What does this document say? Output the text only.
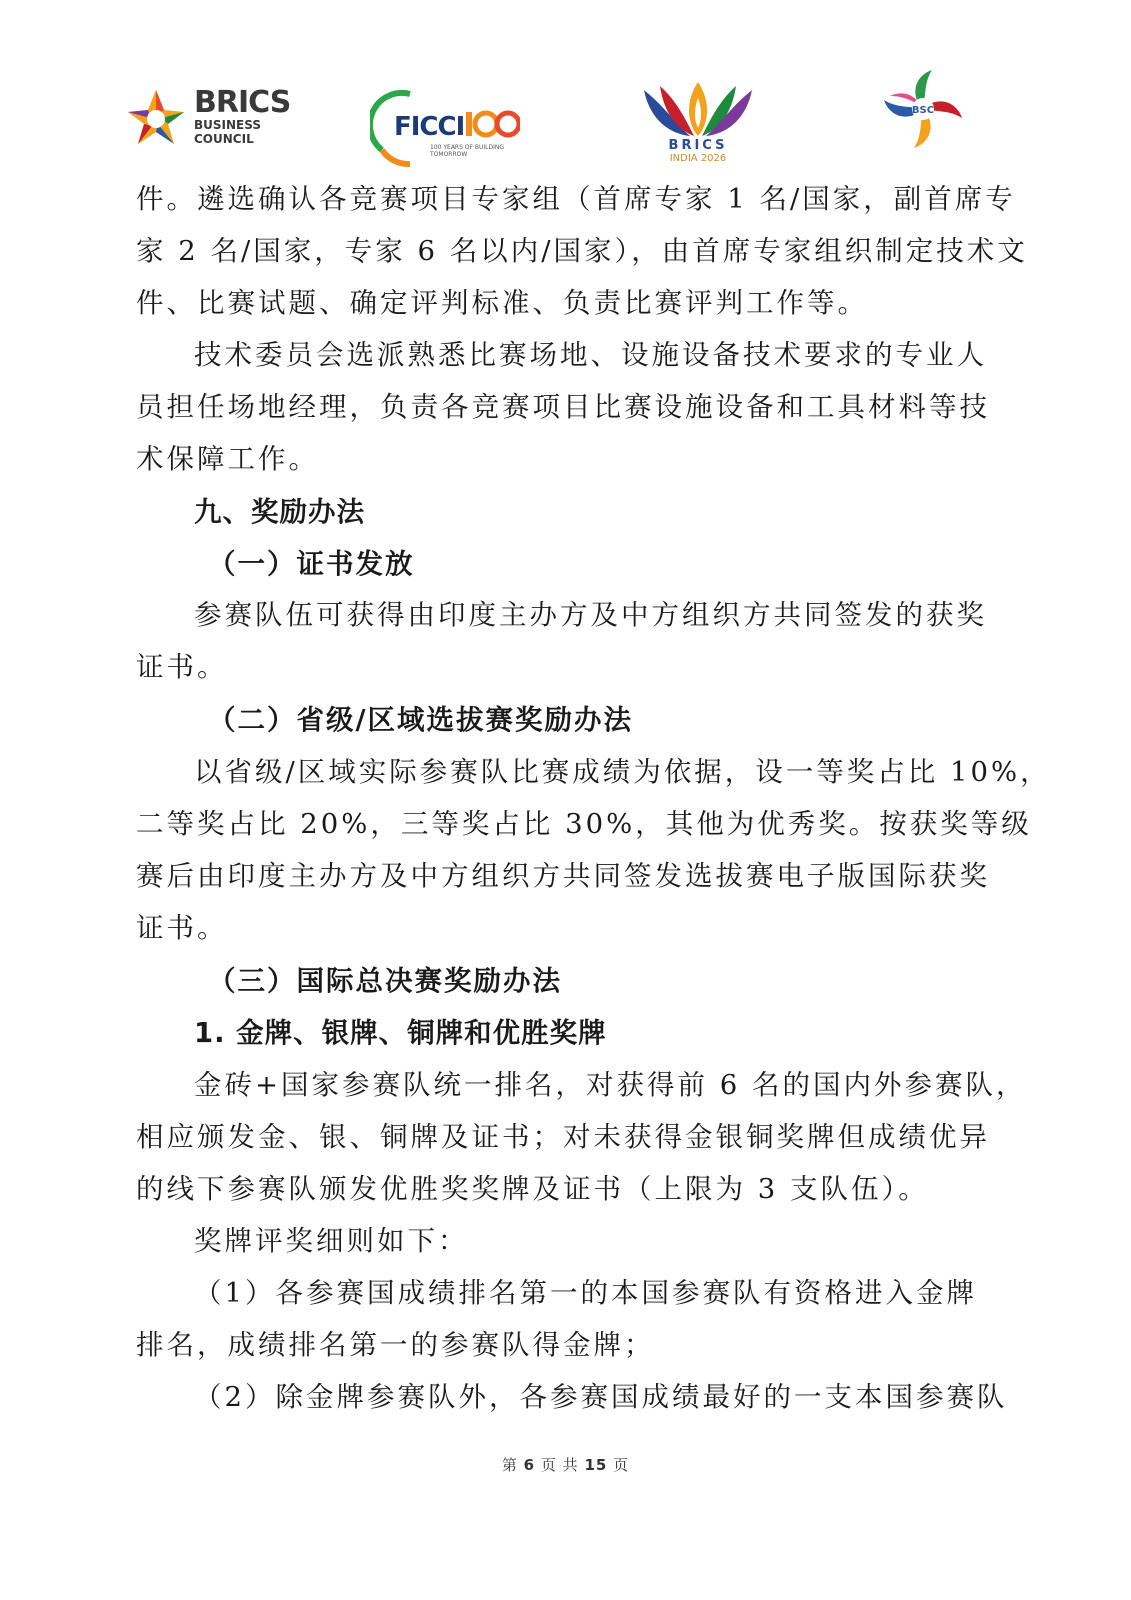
BRICS
BUSINESS
COUNCIL	FICCI
100 YEARS OF BUILDING
TOMORROW
BRICS
INDIA 2026
BSC
件。遴选确认各竞赛项目专家组（首席专家 1 名/国家，副首席专
家 2 名/国家，专家 6 名以内/国家），由首席专家组织制定技术文
件、比赛试题、确定评判标准、负责比赛评判工作等。
技术委员会选派熟悉比赛场地、设施设备技术要求的专业人
员担任场地经理，负责各竞赛项目比赛设施设备和工具材料等技
术保障工作。
九、奖励办法
（一）证书发放
参赛队伍可获得由印度主办方及中方组织方共同签发的获奖
证书。
（二）省级/区域选拔赛奖励办法
以省级/区域实际参赛队比赛成绩为依据，设一等奖占比 10%，
二等奖占比 20%，三等奖占比 30%，其他为优秀奖。按获奖等级
赛后由印度主办方及中方组织方共同签发选拔赛电子版国际获奖
证书。
（三）国际总决赛奖励办法
1. 金牌、银牌、铜牌和优胜奖牌
金砖+国家参赛队统一排名，对获得前 6 名的国内外参赛队，
相应颁发金、银、铜牌及证书；对未获得金银铜奖牌但成绩优异
的线下参赛队颁发优胜奖奖牌及证书（上限为 3 支队伍）。
奖牌评奖细则如下：
（1）各参赛国成绩排名第一的本国参赛队有资格进入金牌
排名，成绩排名第一的参赛队得金牌；
（2）除金牌参赛队外，各参赛国成绩最好的一支本国参赛队
第 6 页 共 15 页
